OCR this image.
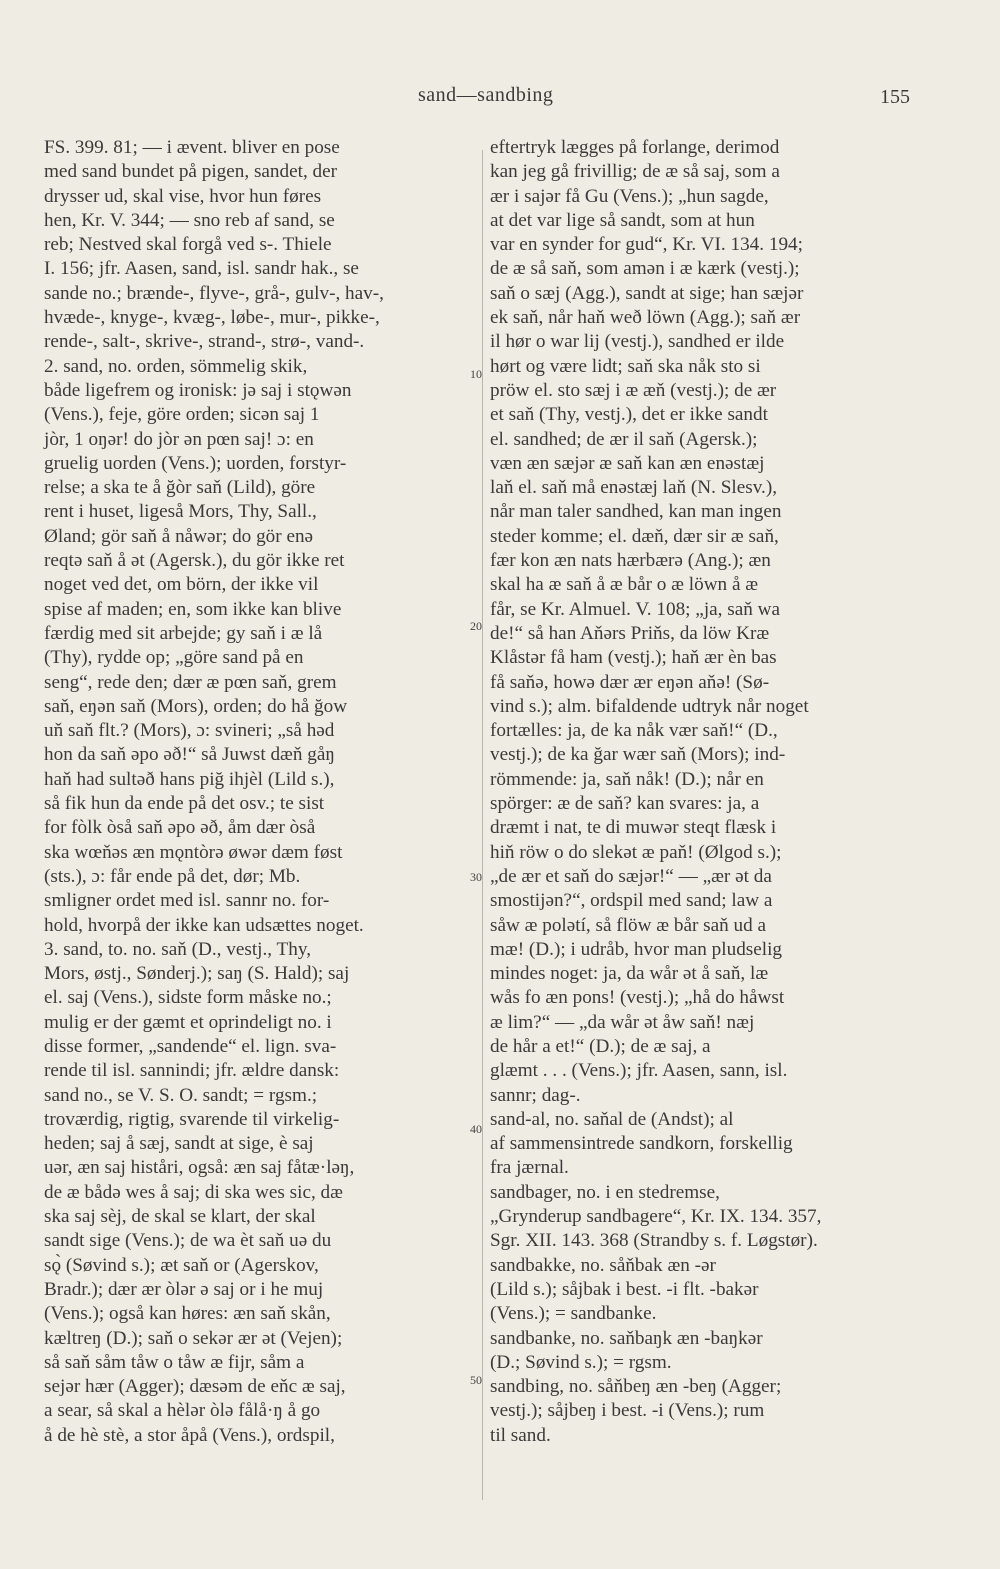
sand—sandbing	155
10
20
30
40
50
FS. 399. 81; — i ævent. bliver en pose
med sand bundet på pigen, sandet, der
drysser ud, skal vise, hvor hun føres
hen, Kr. V. 344; — sno reb af sand, se
reb; Nestved skal forgå ved s-. Thiele
I. 156; jfr. Aasen, sand, isl. sandr hak., se
sande no.; brænde-, flyve-, grå-, gulv-, hav-,
hvæde-, knyge-, kvæg-, løbe-, mur-, pikke-,
rende-, salt-, skrive-, strand-, strø-, vand-.
2. sand, no. orden, sömmelig skik,
både ligefrem og ironisk: jə saj i stǫwən
(Vens.), feje, göre orden; sicən saj 1
jòr, 1 oŋər! do jòr ən pœn saj! ɔ: en
gruelig uorden (Vens.); uorden, forstyr-
relse; a ska te å ğòr saň (Lild), göre
rent i huset, ligeså Mors, Thy, Sall.,
Øland; gör saň å nåwər; do gör enə
reqtə saň å ət (Agersk.), du gör ikke ret
noget ved det, om börn, der ikke vil
spise af maden; en, som ikke kan blive
færdig med sit arbejde; gy saň i æ lå
(Thy), rydde op; „göre sand på en
seng“, rede den; dær æ pœn saň, grem
saň, eŋən saň (Mors), orden; do hå ğow
uň saň flt.? (Mors), ɔ: svineri; „så həd
hon da saň əpo əð!“ så Juwst dæň gåŋ
haň had sultəð hans piğ ihjèl (Lild s.),
så fik hun da ende på det osv.; te sist
for fòlk òså saň əpo əð, åm dær òså
ska wœňəs æn mǫntòrə øwər dæm føst
(sts.), ɔ: får ende på det, dør; Mb.
smligner ordet med isl. sannr no. for-
hold, hvorpå der ikke kan udsættes noget.
3. sand, to. no. saň (D., vestj., Thy,
Mors, østj., Sønderj.); saŋ (S. Hald); saj
el. saj (Vens.), sidste form måske no.;
mulig er der gæmt et oprindeligt no. i
disse former, „sandende“ el. lign. sva-
rende til isl. sannindi; jfr. ældre dansk:
sand no., se V. S. O. sandt; = rgsm.;
troværdig, rigtig, svarende til virkelig-
heden; saj å sæj, sandt at sige, è saj
uər, æn saj histåri, også: æn saj fåtæ·ləŋ,
de æ bådə wes å saj; di ska wes sic, dæ
ska saj sèj, de skal se klart, der skal
sandt sige (Vens.); de wa èt saň uə du
sǫ̀ (Søvind s.); æt saň or (Agerskov,
Bradr.); dær ær òlər ə saj or i he muj
(Vens.); også kan høres: æn saň skån,
kæltreŋ (D.); saň o sekər ær ət (Vejen);
så saň såm tåw o tåw æ fijr, såm a
sejər hær (Agger); dæsəm de eňc æ saj,
a sear, så skal a hèlər òlə fålå·ŋ å go
å de hè stè, a stor åpå (Vens.), ordspil,
eftertryk lægges på forlange, derimod
kan jeg gå frivillig; de æ så saj, som a
ær i sajər få Gu (Vens.); „hun sagde,
at det var lige så sandt, som at hun
var en synder for gud“, Kr. VI. 134. 194;
de æ så saň, som amən i æ kærk (vestj.);
saň o sæj (Agg.), sandt at sige; han sæjər
ek saň, når haň weð löwn (Agg.); saň ær
il hør o war lij (vestj.), sandhed er ilde
hørt og være lidt; saň ska nåk sto si
pröw el. sto sæj i æ æň (vestj.); de ær
et saň (Thy, vestj.), det er ikke sandt
el. sandhed; de ær il saň (Agersk.);
væn æn sæjər æ saň kan æn enəstæj
laň el. saň må enəstæj laň (N. Slesv.),
når man taler sandhed, kan man ingen
steder komme; el. dæň, dær sir æ saň,
fær kon æn nats hærbærə (Ang.); æn
skal ha æ saň å æ bår o æ löwn å æ
får, se Kr. Almuel. V. 108; „ja, saň wa
de!“ så han Aňərs Priňs, da löw Kræ
Klåstər få ham (vestj.); haň ær èn bas
få saňə, howə dær ær eŋən aňə! (Sø-
vind s.); alm. bifaldende udtryk når noget
fortælles: ja, de ka nåk vær saň!“ (D.,
vestj.); de ka ğar wær saň (Mors); ind-
römmende: ja, saň nåk! (D.); når en
spörger: æ de saň? kan svares: ja, a
dræmt i nat, te di muwər steqt flæsk i
hiň röw o do slekət æ paň! (Ølgod s.);
„de ær et saň do sæjər!“ — „ær ət da
smostijən?“, ordspil med sand; law a
såw æ polətí, så flöw æ bår saň ud a
mæ! (D.); i udråb, hvor man pludselig
mindes noget: ja, da wår ət å saň, læ
wås fo æn pons! (vestj.); „hå do håwst
æ lim?“ — „da wår ət åw saň! næj
de hår a et!“ (D.); de æ saj, a
glæmt . . . (Vens.); jfr. Aasen, sann, isl.
sannr; dag-.
sand-al, no. saňal de (Andst); al
af sammensintrede sandkorn, forskellig
fra jærnal.
sandbager, no. i en stedremse,
„Grynderup sandbagere“, Kr. IX. 134. 357,
Sgr. XII. 143. 368 (Strandby s. f. Løgstør).
sandbakke, no. såňbak æn -ər
(Lild s.); såjbak i best. -i flt. -bakər
(Vens.); = sandbanke.
sandbanke, no. saňbaŋk æn -baŋkər
(D.; Søvind s.); = rgsm.
sandbing, no. såňbeŋ æn -beŋ (Agger;
vestj.); såjbeŋ i best. -i (Vens.); rum
til sand.
